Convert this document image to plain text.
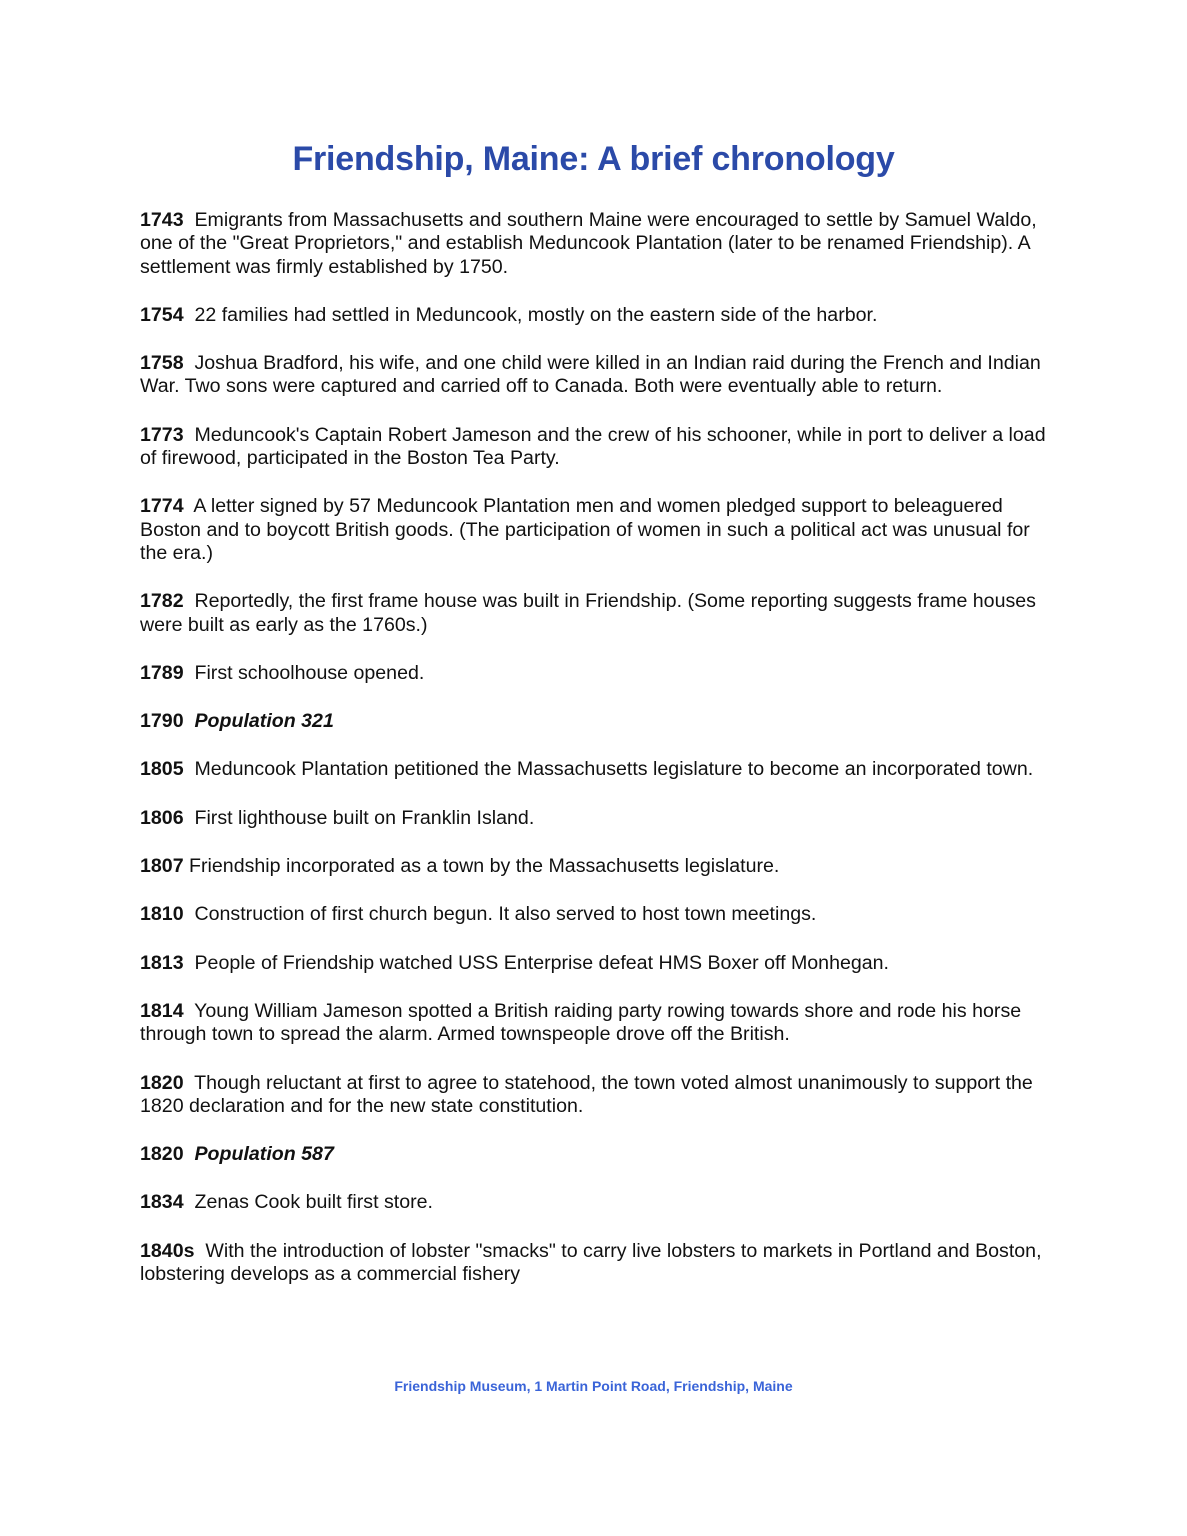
Friendship, Maine: A brief chronology

1743 Emigrants from Massachusetts and southern Maine were encouraged to settle by Samuel Waldo, one of the "Great Proprietors," and establish Meduncook Plantation (later to be renamed Friendship). A settlement was firmly established by 1750.

1754 22 families had settled in Meduncook, mostly on the eastern side of the harbor.

1758 Joshua Bradford, his wife, and one child were killed in an Indian raid during the French and Indian War. Two sons were captured and carried off to Canada. Both were eventually able to return.

1773 Meduncook's Captain Robert Jameson and the crew of his schooner, while in port to deliver a load of firewood, participated in the Boston Tea Party.

1774 A letter signed by 57 Meduncook Plantation men and women pledged support to beleaguered Boston and to boycott British goods. (The participation of women in such a political act was unusual for the era.)

1782 Reportedly, the first frame house was built in Friendship. (Some reporting suggests frame houses were built as early as the 1760s.)

1789 First schoolhouse opened.

1790 Population 321

1805 Meduncook Plantation petitioned the Massachusetts legislature to become an incorporated town.

1806 First lighthouse built on Franklin Island.

1807 Friendship incorporated as a town by the Massachusetts legislature.

1810 Construction of first church begun. It also served to host town meetings.

1813 People of Friendship watched USS Enterprise defeat HMS Boxer off Monhegan.

1814 Young William Jameson spotted a British raiding party rowing towards shore and rode his horse through town to spread the alarm. Armed townspeople drove off the British.

1820 Though reluctant at first to agree to statehood, the town voted almost unanimously to support the 1820 declaration and for the new state constitution.

1820 Population 587

1834 Zenas Cook built first store.

1840s With the introduction of lobster "smacks" to carry live lobsters to markets in Portland and Boston, lobstering develops as a commercial fishery

Friendship Museum, 1 Martin Point Road, Friendship, Maine
